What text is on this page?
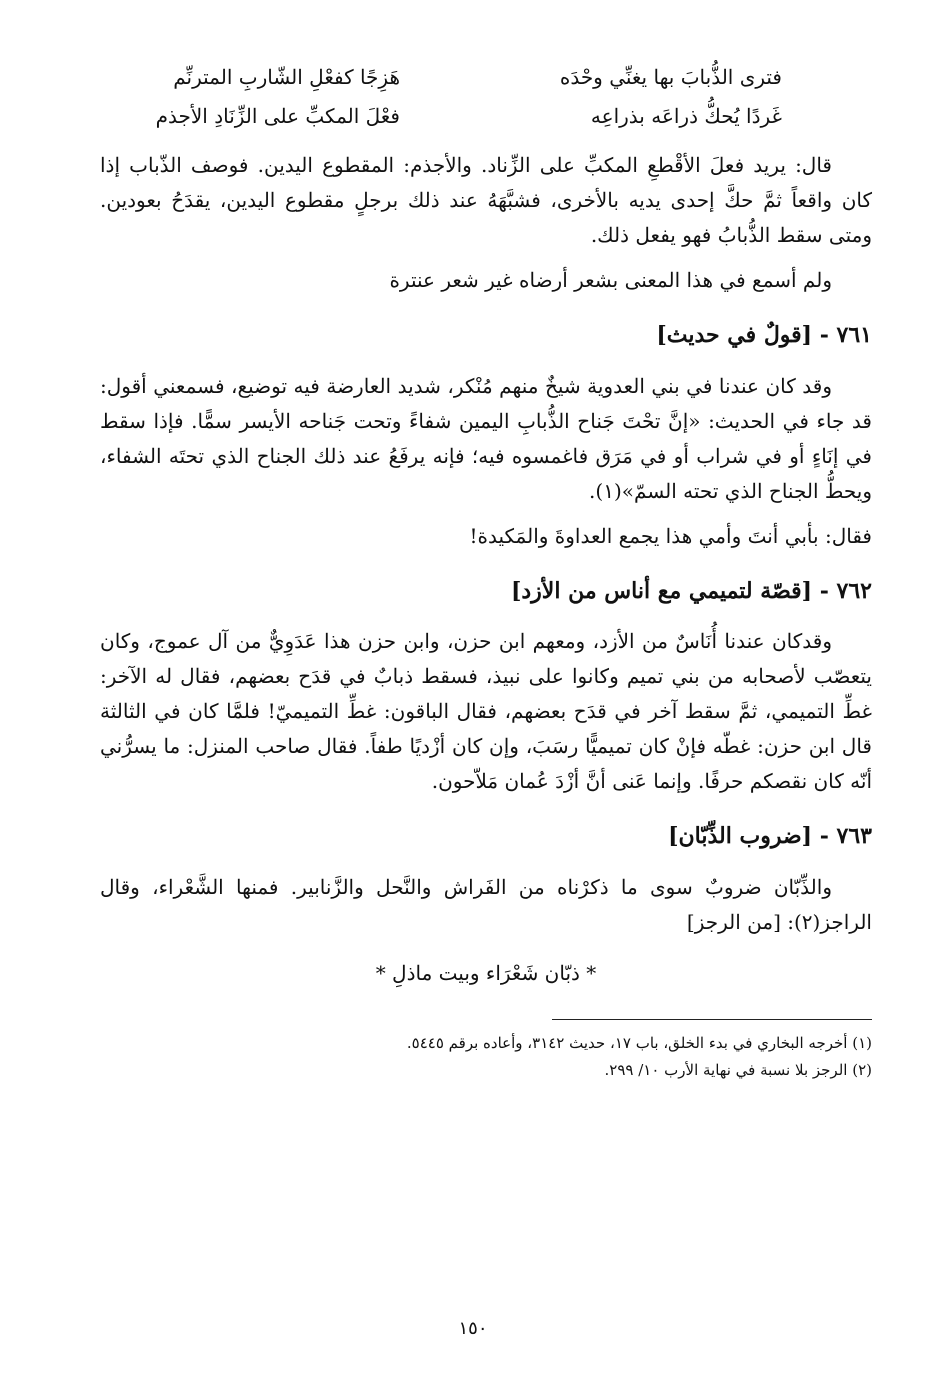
فترى الذُّبابَ بها يغنِّي وحْدَه
هَزِجًا كفعْلِ الشّاربِ المترنِّم
غَردًا يُحكُّ ذراعَه بذراعِه
فعْلَ المكبِّ على الزِّنَادِ الأجذم

قال: يريد فعلَ الأقْطعِ المكبِّ على الزِّناد. والأجذم: المقطوع اليدين. فوصف الذّباب إذا كان واقعاً ثمَّ حكَّ إحدى يديه بالأخرى، فشبَّهَهُ عند ذلك برجلٍ مقطوع اليدين، يقدَحُ بعودين. ومتى سقط الذُّبابُ فهو يفعل ذلك.

ولم أسمع في هذا المعنى بشعر أرضاه غير شعر عنترة

٧٦١ - [قولٌ في حديث]

وقد كان عندنا في بني العدوية شيخٌ منهم مُنْكر، شديد العارضة فيه توضيع، فسمعني أقول: قد جاء في الحديث: «إنَّ تحْتَ جَناح الذُّبابِ اليمين شفاءً وتحت جَناحه الأيسر سمًّا. فإذا سقط في إنَاءٍ أو في شراب أو في مَرَق فاغمسوه فيه؛ فإنه يرفَعُ عند ذلك الجناح الذي تحتَه الشفاء، ويحطُّ الجناح الذي تحته السمّ»(١).

فقال: بأبي أنتَ وأمي هذا يجمع العداوةَ والمَكيدة!

٧٦٢ - [قصّة لتميمي مع أناس من الأزد]

وقدكان عندنا أُنَاسٌ من الأزد، ومعهم ابن حزن، وابن حزن هذا عَدَوِيٌّ من آل عموج، وكان يتعصّب لأصحابه من بني تميم وكانوا على نبيذ، فسقط ذبابٌ في قدَح بعضهم، فقال له الآخر: غطِّ التميمي، ثمَّ سقط آخر في قدَح بعضهم، فقال الباقون: غطِّ التميميّ! فلمَّا كان في الثالثة قال ابن حزن: غطّه فإنْ كان تميميًّا رسَبَ، وإن كان أزْديًا طفاً. فقال صاحب المنزل: ما يسرُّني أنّه كان نقصكم حرفًا. وإنما عَنى أنَّ أزْدَ عُمان مَلاّحون.

٧٦٣ - [ضروب الذِّبّان]

والذِّبّان ضروبٌ سوى ما ذكرْناه من الفَراش والنَّحل والزَّنابير. فمنها الشَّعْراء، وقال الراجز(٢): [من الرجز]

* ذبّان شَعْرَاء وبيت ماذلِ *
(١) أخرجه البخاري في بدء الخلق، باب ١٧، حديث ٣١٤٢، وأعاده برقم ٥٤٤٥.
(٢) الرجز بلا نسبة في نهاية الأرب ١٠/ ٢٩٩.
١٥٠
